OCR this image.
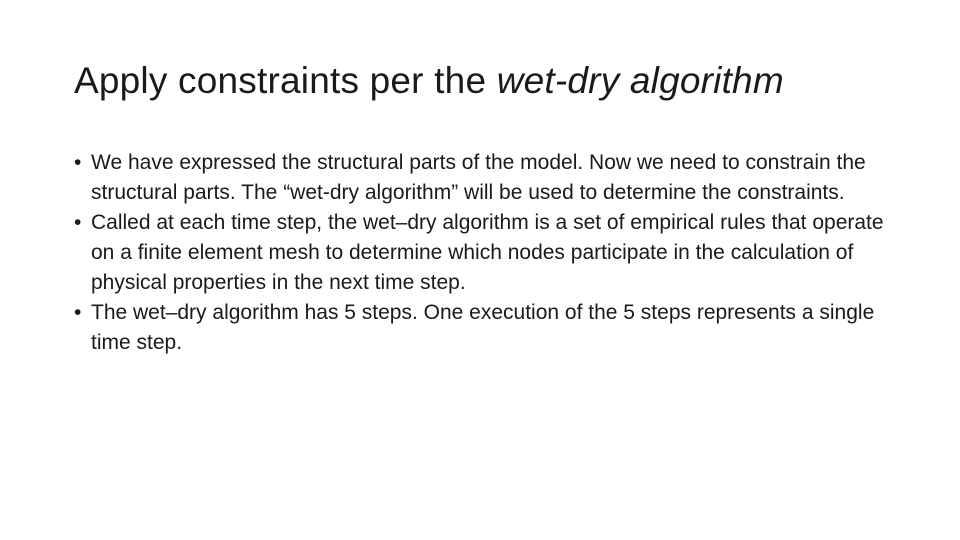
Apply constraints per the wet-dry algorithm
• We have expressed the structural parts of the model. Now we need to constrain the structural parts. The “wet-dry algorithm” will be used to determine the constraints.
• Called at each time step, the wet–dry algorithm is a set of empirical rules that operate on a finite element mesh to determine which nodes participate in the calculation of physical properties in the next time step.
• The wet–dry algorithm has 5 steps. One execution of the 5 steps represents a single time step.
